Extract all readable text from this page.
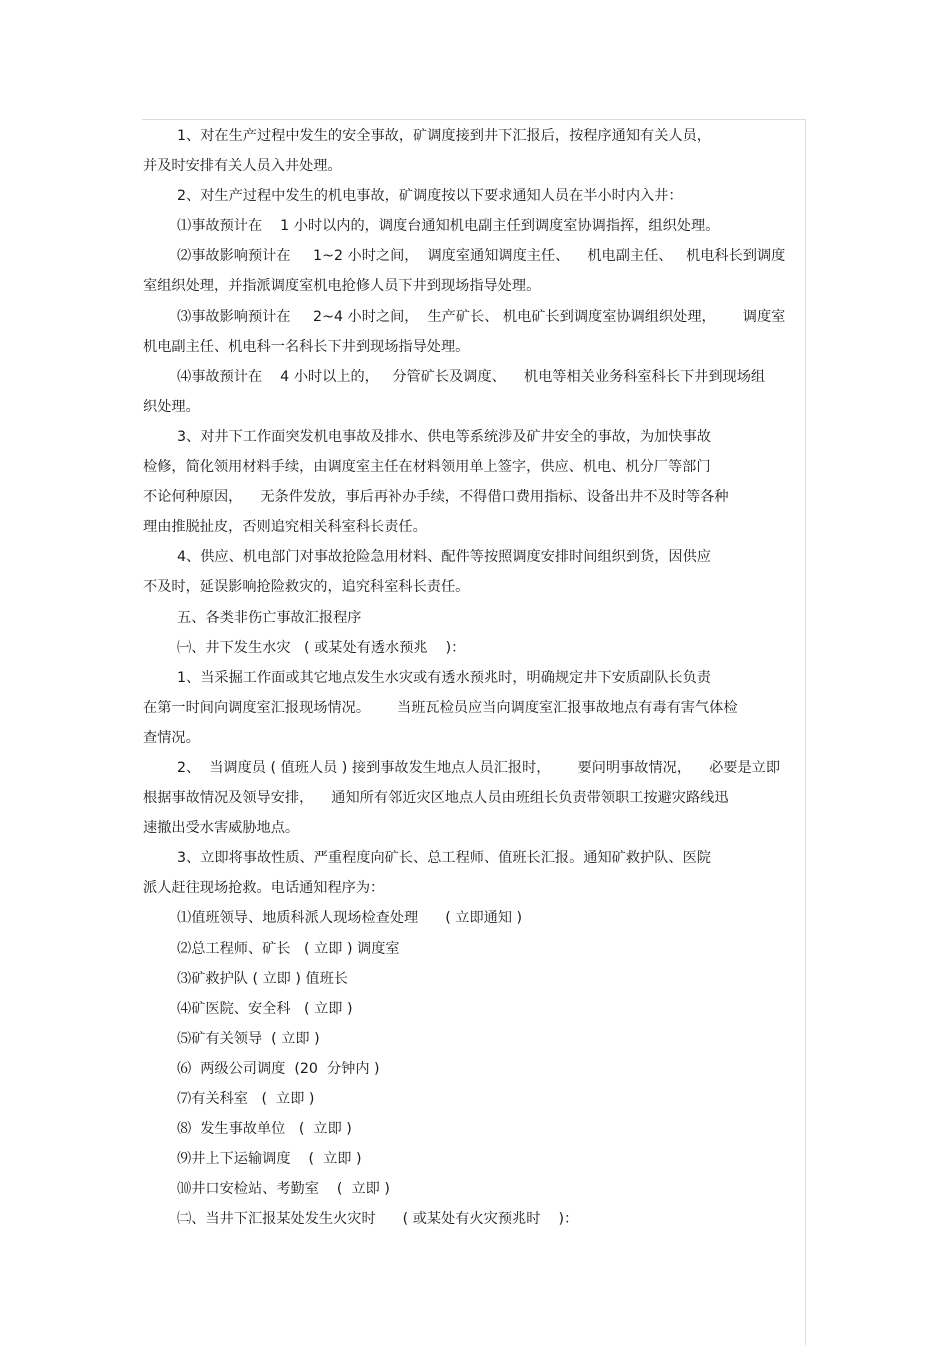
1、对在生产过程中发生的安全事故，矿调度接到井下汇报后，按程序通知有关人员，
并及时安排有关人员入井处理。
2、对生产过程中发生的机电事故，矿调度按以下要求通知人员在半小时内入井：
⑴事故预计在    1 小时以内的，调度台通知机电副主任到调度室协调指挥，组织处理。
⑵事故影响预计在     1~2 小时之间，  调度室通知调度主任、    机电副主任、   机电科长到调度
室组织处理，并指派调度室机电抢修人员下井到现场指导处理。
⑶事故影响预计在     2~4 小时之间，  生产矿长、 机电矿长到调度室协调组织处理，      调度室
机电副主任、机电科一名科长下井到现场指导处理。
⑷事故预计在    4 小时以上的，   分管矿长及调度、    机电等相关业务科室科长下井到现场组
织处理。
3、对井下工作面突发机电事故及排水、供电等系统涉及矿井安全的事故，为加快事故
检修，简化领用材料手续，由调度室主任在材料领用单上签字，供应、机电、机分厂等部门
不论何种原因，    无条件发放，事后再补办手续，不得借口费用指标、设备出井不及时等各种
理由推脱扯皮，否则追究相关科室科长责任。
4、供应、机电部门对事故抢险急用材料、配件等按照调度安排时间组织到货，因供应
不及时，延误影响抢险救灾的，追究科室科长责任。
五、各类非伤亡事故汇报程序
㈠、井下发生水灾   ( 或某处有透水预兆    )：
1、当采掘工作面或其它地点发生水灾或有透水预兆时，明确规定井下安质副队长负责
在第一时间向调度室汇报现场情况。      当班瓦检员应当向调度室汇报事故地点有毒有害气体检
查情况。
2、  当调度员 ( 值班人员 ) 接到事故发生地点人员汇报时，      要问明事故情况，    必要是立即
根据事故情况及领导安排，    通知所有邻近灾区地点人员由班组长负责带领职工按避灾路线迅
速撤出受水害威胁地点。
3、立即将事故性质、严重程度向矿长、总工程师、值班长汇报。通知矿救护队、医院
派人赶往现场抢救。电话通知程序为：
⑴值班领导、地质科派人现场检查处理      ( 立即通知 )
⑵总工程师、矿长   ( 立即 ) 调度室
⑶矿救护队 ( 立即 ) 值班长
⑷矿医院、安全科   ( 立即 )
⑸矿有关领导  ( 立即 )
⑹  两级公司调度  (20  分钟内 )
⑺有关科室   (  立即 )
⑻  发生事故单位   (  立即 )
⑼井上下运输调度    (  立即 )
⑽井口安检站、考勤室    (  立即 )
㈡、当井下汇报某处发生火灾时      ( 或某处有火灾预兆时    )：
